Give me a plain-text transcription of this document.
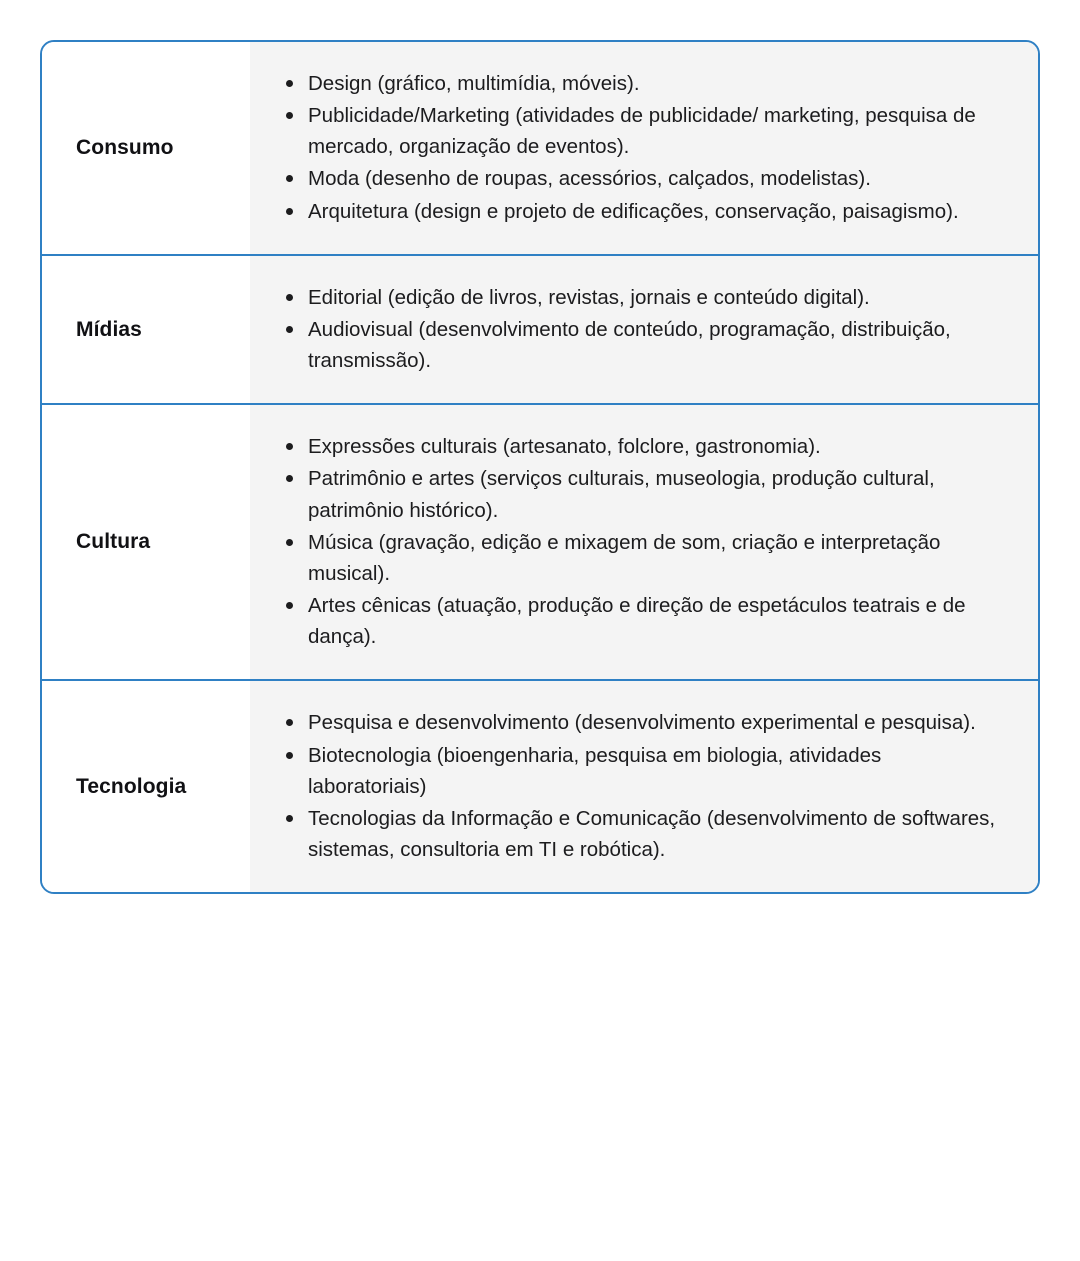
Consumo
Design (gráfico, multimídia, móveis).
Publicidade/Marketing (atividades de publicidade/ marketing, pesquisa de mercado, organização de eventos).
Moda (desenho de roupas, acessórios, calçados, modelistas).
Arquitetura (design e projeto de edificações, conservação, paisagismo).
Mídias
Editorial (edição de livros, revistas, jornais e conteúdo digital).
Audiovisual (desenvolvimento de conteúdo, programação, distribuição, transmissão).
Cultura
Expressões culturais (artesanato, folclore, gastronomia).
Patrimônio e artes (serviços culturais, museologia, produção cultural, patrimônio histórico).
Música (gravação, edição e mixagem de som, criação e interpretação musical).
Artes cênicas (atuação, produção e direção de espetáculos teatrais e de dança).
Tecnologia
Pesquisa e desenvolvimento (desenvolvimento experimental e pesquisa).
Biotecnologia (bioengenharia, pesquisa em biologia, atividades laboratoriais)
Tecnologias da Informação e Comunicação (desenvolvimento de softwares, sistemas, consultoria em TI e robótica).
